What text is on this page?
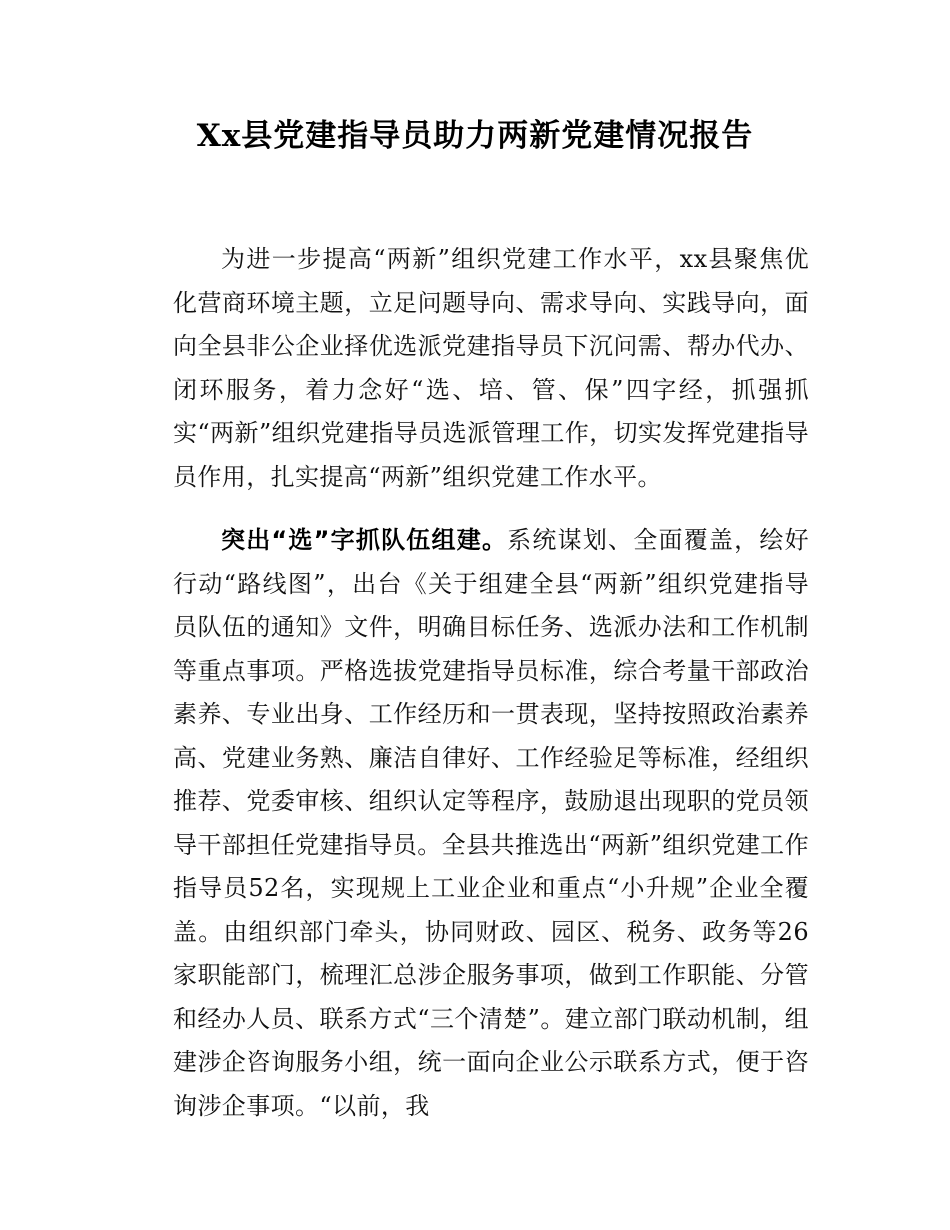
Xx县党建指导员助力两新党建情况报告

为进一步提高“两新”组织党建工作水平，xx县聚焦优化营商环境主题，立足问题导向、需求导向、实践导向，面向全县非公企业择优选派党建指导员下沉问需、帮办代办、闭环服务，着力念好“选、培、管、保”四字经，抓强抓实“两新”组织党建指导员选派管理工作，切实发挥党建指导员作用，扎实提高“两新”组织党建工作水平。

突出“选”字抓队伍组建。系统谋划、全面覆盖，绘好行动“路线图”，出台《关于组建全县“两新”组织党建指导员队伍的通知》文件，明确目标任务、选派办法和工作机制等重点事项。严格选拔党建指导员标准，综合考量干部政治素养、专业出身、工作经历和一贯表现，坚持按照政治素养高、党建业务熟、廉洁自律好、工作经验足等标准，经组织推荐、党委审核、组织认定等程序，鼓励退出现职的党员领导干部担任党建指导员。全县共推选出“两新”组织党建工作指导员52名，实现规上工业企业和重点“小升规”企业全覆盖。由组织部门牵头，协同财政、园区、税务、政务等26家职能部门，梳理汇总涉企服务事项，做到工作职能、分管和经办人员、联系方式“三个清楚”。建立部门联动机制，组建涉企咨询服务小组，统一面向企业公示联系方式，便于咨询涉企事项。“以前，我
